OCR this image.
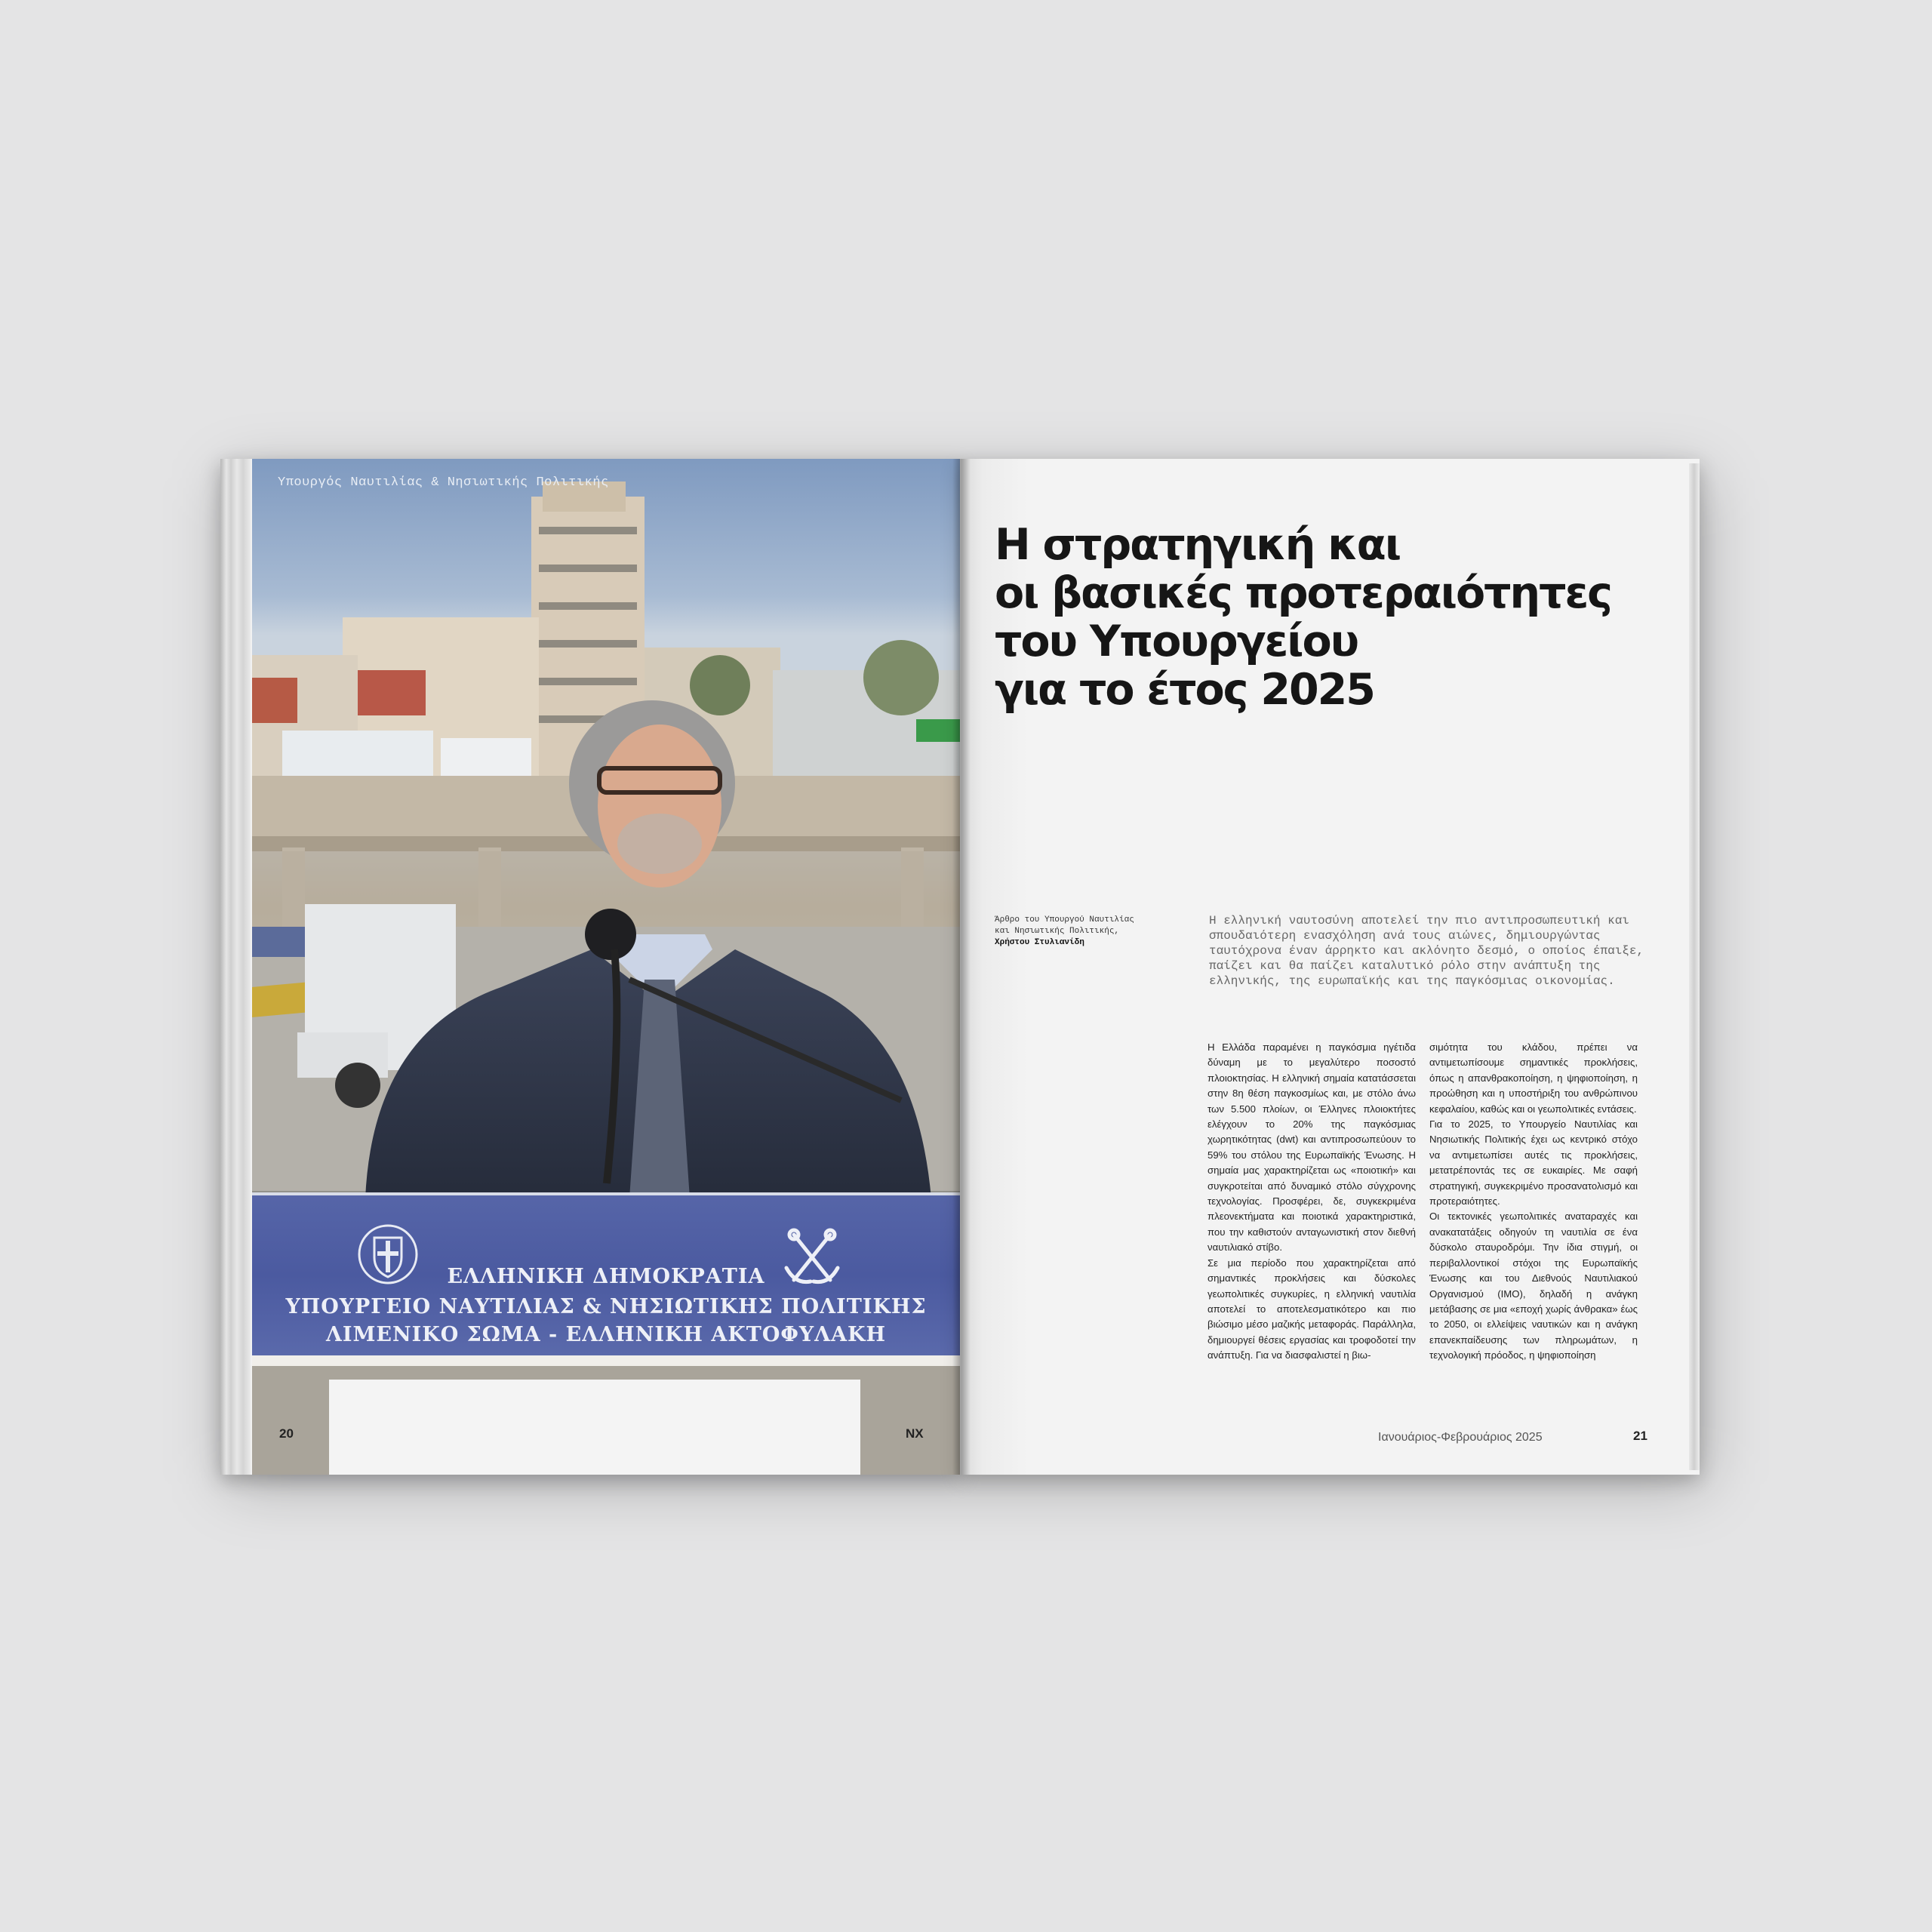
ΕΛΛΗΝΙΚΗ ΔΗΜΟΚΡΑΤΙΑ
ΥΠΟΥΡΓΕΙΟ ΝΑΥΤΙΛΙΑΣ & ΝΗΣΙΩΤΙΚΗΣ ΠΟΛΙΤΙΚΗΣ
ΛΙΜΕΝΙΚΟ ΣΩΜΑ - ΕΛΛΗΝΙΚΗ ΑΚΤΟΦΥΛΑΚΗ
Υπουργός Ναυτιλίας & Νησιωτικής Πολιτικής
20	NX
Η στρατηγική και
οι βασικές προτεραιότητες
του Υπουργείου
για το έτος 2025
Άρθρο του Υπουργού Ναυτιλίας
και Νησιωτικής Πολιτικής,
Χρήστου Στυλιανίδη
Η ελληνική ναυτοσύνη αποτελεί την πιο αντιπροσωπευτική και σπουδαιότερη ενασχόληση ανά τους αιώνες, δημιουργώντας ταυτόχρονα έναν άρρηκτο και ακλόνητο δεσμό, ο οποίος έπαιξε, παίζει και θα παίζει καταλυτικό ρόλο στην ανάπτυξη της ελληνικής, της ευρωπαϊκής και της παγκόσμιας οικονομίας.

Η Ελλάδα παραμένει η παγκόσμια ηγέτιδα δύναμη με το μεγαλύτερο ποσοστό πλοιοκτησίας. Η ελληνική σημαία κατατάσσεται στην 8η θέση παγκοσμίως και, με στόλο άνω των 5.500 πλοίων, οι Έλληνες πλοιοκτήτες ελέγχουν το 20% της παγκόσμιας χωρητικότητας (dwt) και αντιπροσωπεύουν το 59% του στόλου της Ευρωπαϊκής Ένωσης. Η σημαία μας χαρακτηρίζεται ως «ποιοτική» και συγκροτείται από δυναμικό στόλο σύγχρονης τεχνολογίας. Προσφέρει, δε, συγκεκριμένα πλεονεκτήματα και ποιοτικά χαρακτηριστικά, που την καθιστούν ανταγωνιστική στον διεθνή ναυτιλιακό στίβο.

Σε μια περίοδο που χαρακτηρίζεται από σημαντικές προκλήσεις και δύσκολες γεωπολιτικές συγκυρίες, η ελληνική ναυτιλία αποτελεί το αποτελεσματικότερο και πιο βιώσιμο μέσο μαζικής μεταφοράς. Παράλληλα, δημιουργεί θέσεις εργασίας και τροφοδοτεί την ανάπτυξη. Για να διασφαλιστεί η βιω-

σιμότητα του κλάδου, πρέπει να αντιμετωπίσουμε σημαντικές προκλήσεις, όπως η απανθρακοποίηση, η ψηφιοποίηση, η προώθηση και η υποστήριξη του ανθρώπινου κεφαλαίου, καθώς και οι γεωπολιτικές εντάσεις.

Για το 2025, το Υπουργείο Ναυτιλίας και Νησιωτικής Πολιτικής έχει ως κεντρικό στόχο να αντιμετωπίσει αυτές τις προκλήσεις, μετατρέποντάς τες σε ευκαιρίες. Με σαφή στρατηγική, συγκεκριμένο προσανατολισμό και προτεραιότητες.

Οι τεκτονικές γεωπολιτικές αναταραχές και ανακατατάξεις οδηγούν τη ναυτιλία σε ένα δύσκολο σταυροδρόμι. Την ίδια στιγμή, οι περιβαλλοντικοί στόχοι της Ευρωπαϊκής Ένωσης και του Διεθνούς Ναυτιλιακού Οργανισμού (IMO), δηλαδή η ανάγκη μετάβασης σε μια «εποχή χωρίς άνθρακα» έως το 2050, οι ελλείψεις ναυτικών και η ανάγκη επανεκπαίδευσης των πληρωμάτων, η τεχνολογική πρόοδος, η ψηφιοποίηση

Ιανουάριος-Φεβρουάριος 2025	21
